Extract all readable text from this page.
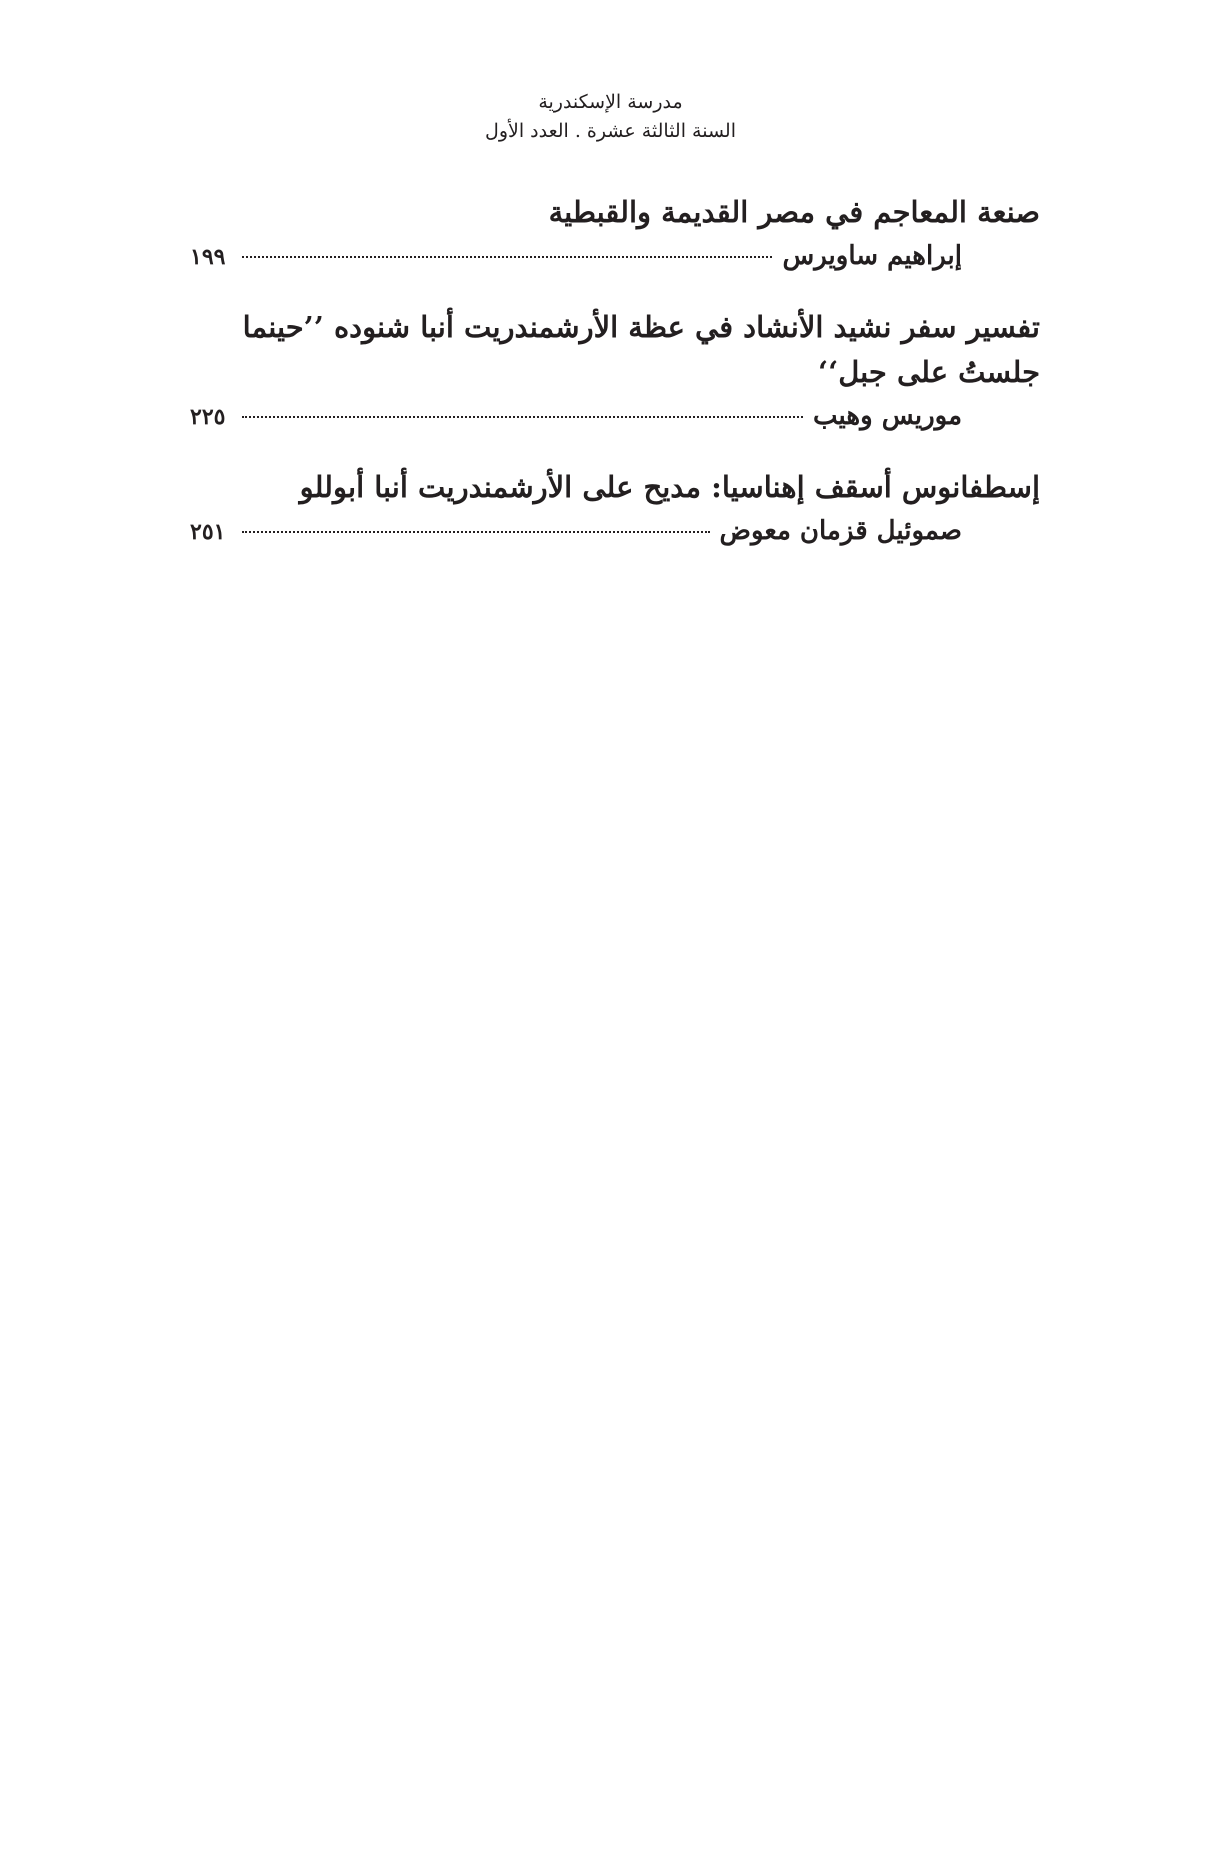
مدرسة الإسكندرية
السنة الثالثة عشرة . العدد الأول

صنعة المعاجم في مصر القديمة والقبطية

إبراهيم ساويرس
١٩٩

تفسير سفر نشيد الأنشاد في عظة الأرشمندريت أنبا شنوده ’’حينما جلستُ على جبل‘‘

موريس وهيب
٢٢٥

إسطفانوس أسقف إهناسيا: مديح على الأرشمندريت أنبا أبوللو

صموئيل قزمان معوض
٢٥١
